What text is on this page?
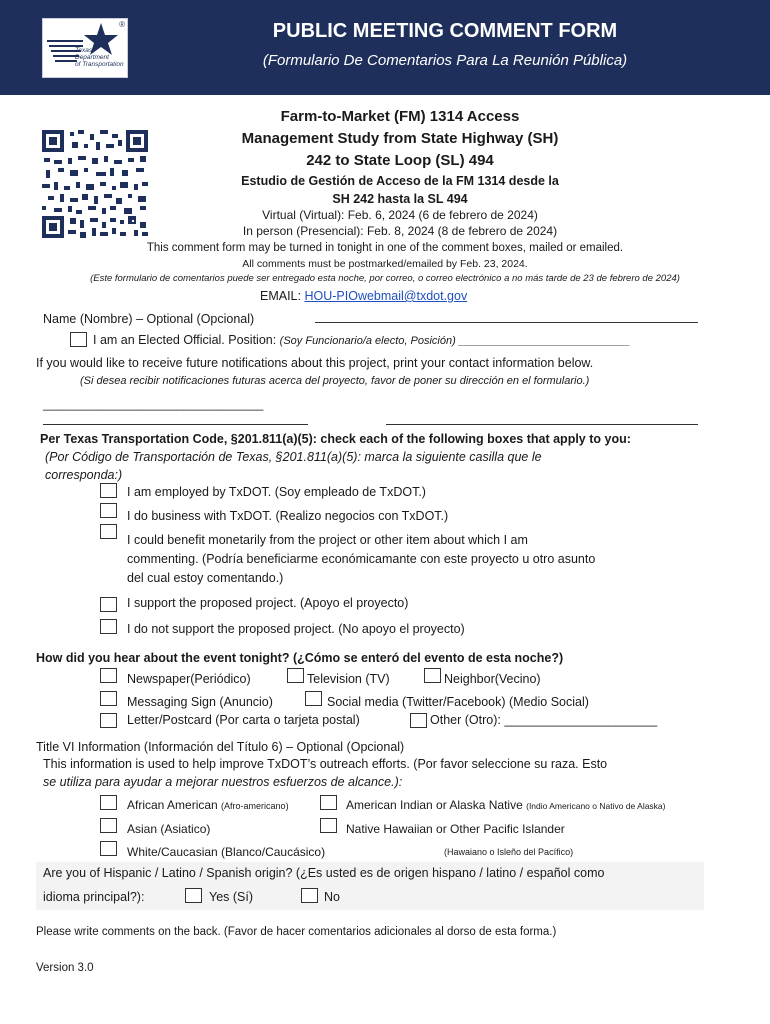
®
Texas
Department
of Transportation
PUBLIC MEETING COMMENT FORM
(Formulario De Comentarios Para La Reunión Pública)
Farm-to-Market (FM) 1314 Access
Management Study from State Highway (SH)
242 to State Loop (SL) 494
Estudio de Gestión de Acceso de la FM 1314 desde la
SH 242 hasta la SL 494
Virtual (Virtual): Feb. 6, 2024 (6 de febrero de 2024)
In person (Presencial): Feb. 8, 2024 (8 de febrero de 2024)
This comment form may be turned in tonight in one of the comment boxes, mailed or emailed.
All comments must be postmarked/emailed by Feb. 23, 2024.
(Este formulario de comentarios puede ser entregado esta noche, por correo, o correo electrónico a no más tarde de 23 de febrero de 2024)
EMAIL: HOU-PIOwebmail@txdot.gov
Name (Nombre) – Optional (Opcional)
I am an Elected Official. Position: (Soy Funcionario/a electo, Posición) ____________________________
If you would like to receive future notifications about this project, print your contact information below.
(Si desea recibir notificaciones futuras acerca del proyecto, favor de poner su dirección en el formulario.)
_________________________________
Per Texas Transportation Code, §201.811(a)(5): check each of the following boxes that apply to you:
(Por Código de Transportación de Texas, §201.811(a)(5): marca la siguiente casilla que le
corresponda:)
I am employed by TxDOT. (Soy empleado de TxDOT.)
I do business with TxDOT. (Realizo negocios con TxDOT.)
I could benefit monetarily from the project or other item about which I am
commenting. (Podría beneficiarme económicamante con este proyecto u otro asunto
del cual estoy comentando.)
I support the proposed project. (Apoyo el proyecto)
I do not support the proposed project. (No apoyo el proyecto)
How did you hear about the event tonight? (¿Cómo se enteró del evento de esta noche?)
Newspaper(Periódico)	Television (TV)	Neighbor(Vecino)
Messaging Sign (Anuncio)	Social media (Twitter/Facebook) (Medio Social)
Letter/Postcard (Por carta o tarjeta postal)	Other (Otro): ______________________
Title VI Information (Información del Título 6) – Optional (Opcional)
This information is used to help improve TxDOT’s outreach efforts. (Por favor seleccione su raza. Esto
se utiliza para ayudar a mejorar nuestros esfuerzos de alcance.):
African American (Afro-americano)	American Indian or Alaska Native (Indio Americano o Nativo de Alaska)
Asian (Asiatico)	Native Hawaiian or Other Pacific Islander
White/Caucasian (Blanco/Caucásico)	(Hawaiano o Isleño del Pacífico)
Are you of Hispanic / Latino / Spanish origin? (¿Es usted es de origen hispano / latino / español como
idioma principal?):	Yes (Sí)	No
Please write comments on the back. (Favor de hacer comentarios adicionales al dorso de esta forma.)
Version 3.0
